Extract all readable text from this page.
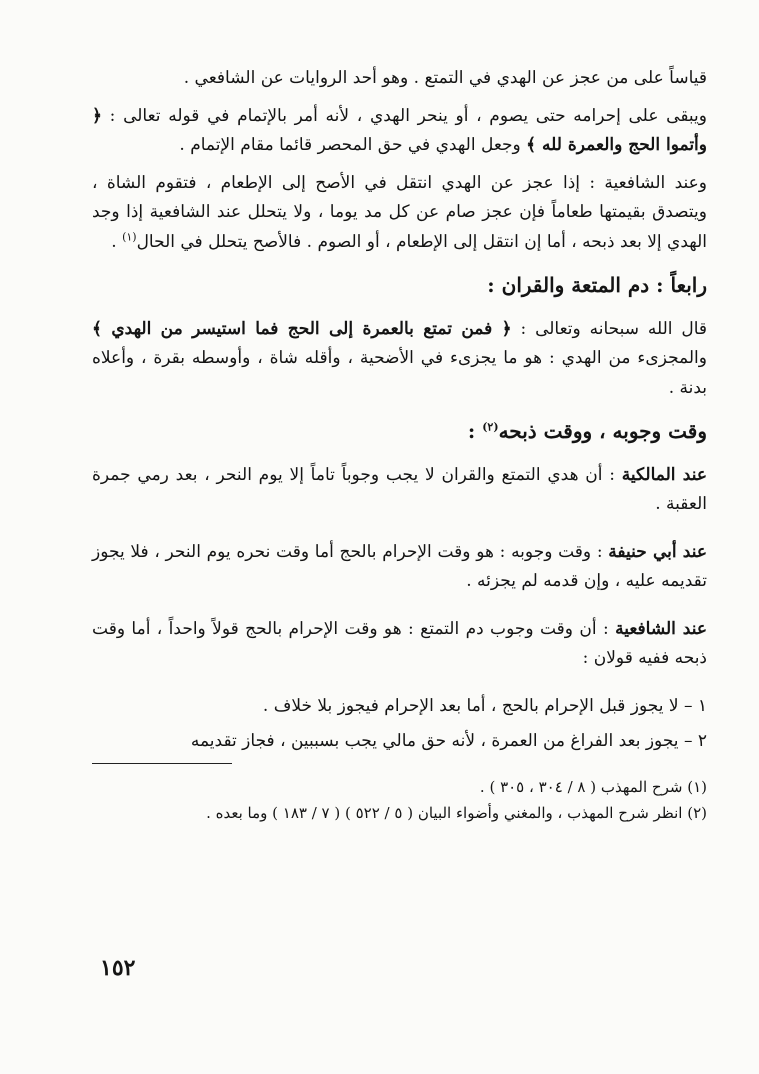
قياساً على من عجز عن الهدي في التمتع . وهو أحد الروايات عن الشافعي .

ويبقى على إحرامه حتى يصوم ، أو ينحر الهدي ، لأنه أمر بالإتمام في قوله تعالى : ﴿ وأتموا الحج والعمرة لله ﴾ وجعل الهدي في حق المحصر قائما مقام الإتمام .

وعند الشافعية : إذا عجز عن الهدي انتقل في الأصح إلى الإطعام ، فتقوم الشاة ، ويتصدق بقيمتها طعاماً فإن عجز صام عن كل مد يوما ، ولا يتحلل عند الشافعية إذا وجد الهدي إلا بعد ذبحه ، أما إن انتقل إلى الإطعام ، أو الصوم . فالأصح يتحلل في الحال$^{(١)}$ .

رابعاً : دم المتعة والقران :

قال الله سبحانه وتعالى : ﴿ فمن تمتع بالعمرة إلى الحج فما استيسر من الهدي ﴾ والمجزىء من الهدي : هو ما يجزىء في الأضحية ، وأقله شاة ، وأوسطه بقرة ، وأعلاه بدنة .

وقت وجوبه ، ووقت ذبحه$^{(٢)}$ :

عند المالكية : أن هدي التمتع والقران لا يجب وجوباً تاماً إلا يوم النحر ، بعد رمي جمرة العقبة .

عند أبي حنيفة : وقت وجوبه : هو وقت الإحرام بالحج أما وقت نحره يوم النحر ، فلا يجوز تقديمه عليه ، وإن قدمه لم يجزئه .

عند الشافعية : أن وقت وجوب دم التمتع : هو وقت الإحرام بالحج قولاً واحداً ، أما وقت ذبحه ففيه قولان :

١ – لا يجوز قبل الإحرام بالحج ، أما بعد الإحرام فيجوز بلا خلاف .

٢ – يجوز بعد الفراغ من العمرة ، لأنه حق مالي يجب بسببين ، فجاز تقديمه

(١) شرح المهذب ( ٨ / ٣٠٤ ، ٣٠٥ ) .

(٢) انظر شرح المهذب ، والمغني وأضواء البيان ( ٥ / ٥٢٢ ) ( ٧ / ١٨٣ ) وما بعده .

١٥٢
